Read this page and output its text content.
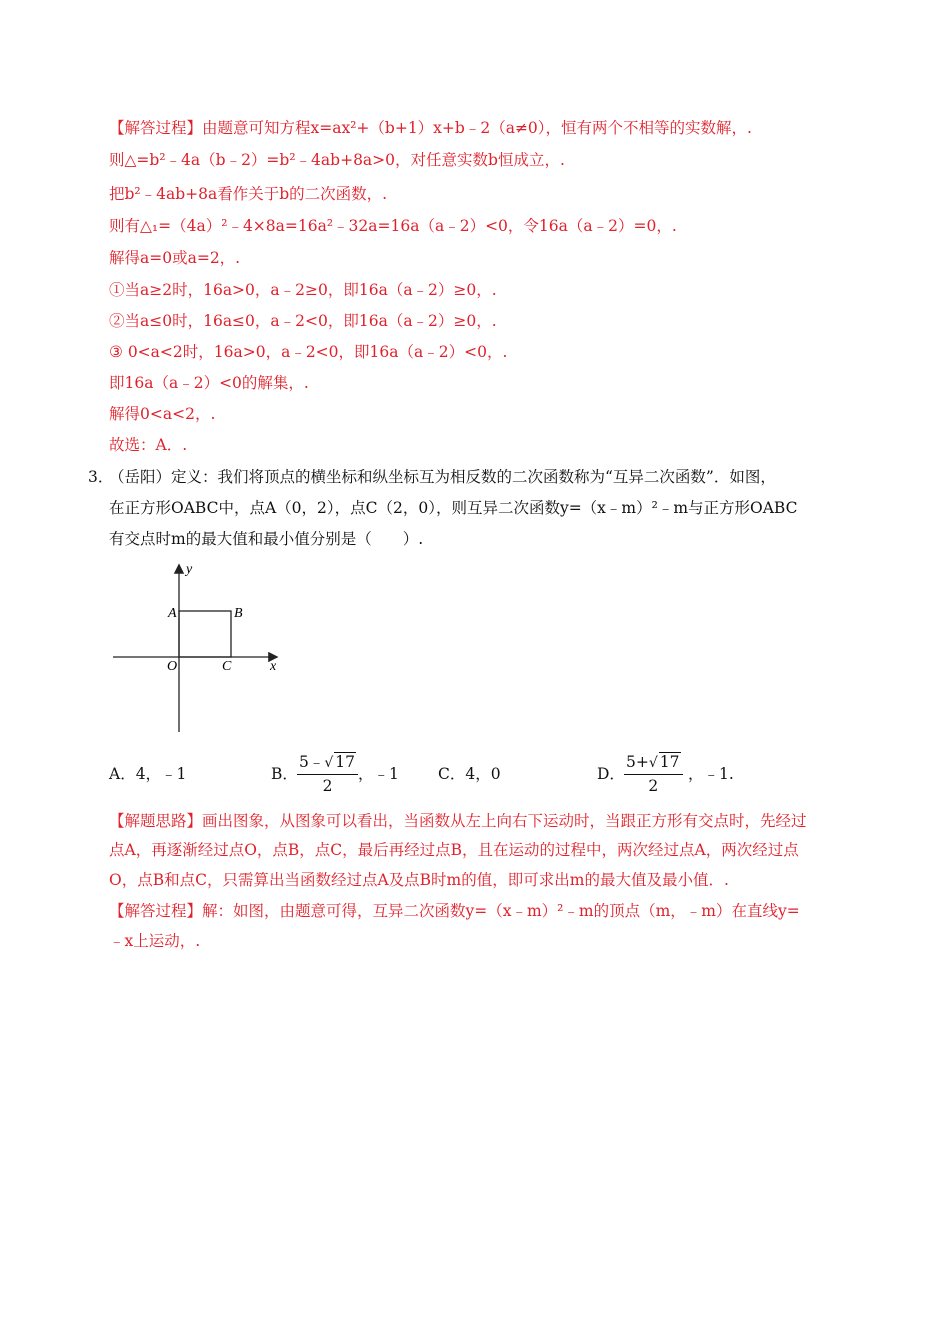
【解答过程】由题意可知方程x=ax²+（b+1）x+b﹣2（a≠0），恒有两个不相等的实数解，.
则△=b²﹣4a（b﹣2）=b²﹣4ab+8a>0，对任意实数b恒成立，.
把b²﹣4ab+8a看作关于b的二次函数，.
则有△₁=（4a）²﹣4×8a=16a²﹣32a=16a（a﹣2）<0，令16a（a﹣2）=0，.
解得a=0或a=2，.
①当a≥2时，16a>0，a﹣2≥0，即16a（a﹣2）≥0，.
②当a≤0时，16a≤0，a﹣2<0，即16a（a﹣2）≥0，.
③ 0<a<2时，16a>0，a﹣2<0，即16a（a﹣2）<0，.
即16a（a﹣2）<0的解集，.
解得0<a<2，.
故选：A．.
3．
（岳阳）定义：我们将顶点的横坐标和纵坐标互为相反数的二次函数称为“互异二次函数”．如图，
在正方形OABC中，点A（0，2），点C（2，0），则互异二次函数y=（x﹣m）²﹣m与正方形OABC
有交点时m的最大值和最小值分别是（　　）.
y
x
A	B
O	C
A．4，﹣1	B． $\frac{5﹣√ 17}{2}$ ，﹣1	C．4，0	D． $\frac{5+√ 17}{2}$ ，﹣1.
【解题思路】画出图象，从图象可以看出，当函数从左上向右下运动时，当跟正方形有交点时，先经过
点A，再逐渐经过点O，点B，点C，最后再经过点B，且在运动的过程中，两次经过点A，两次经过点
O，点B和点C，只需算出当函数经过点A及点B时m的值，即可求出m的最大值及最小值．.
【解答过程】解：如图，由题意可得，互异二次函数y=（x﹣m）²﹣m的顶点（m，﹣m）在直线y=
﹣x上运动，.
